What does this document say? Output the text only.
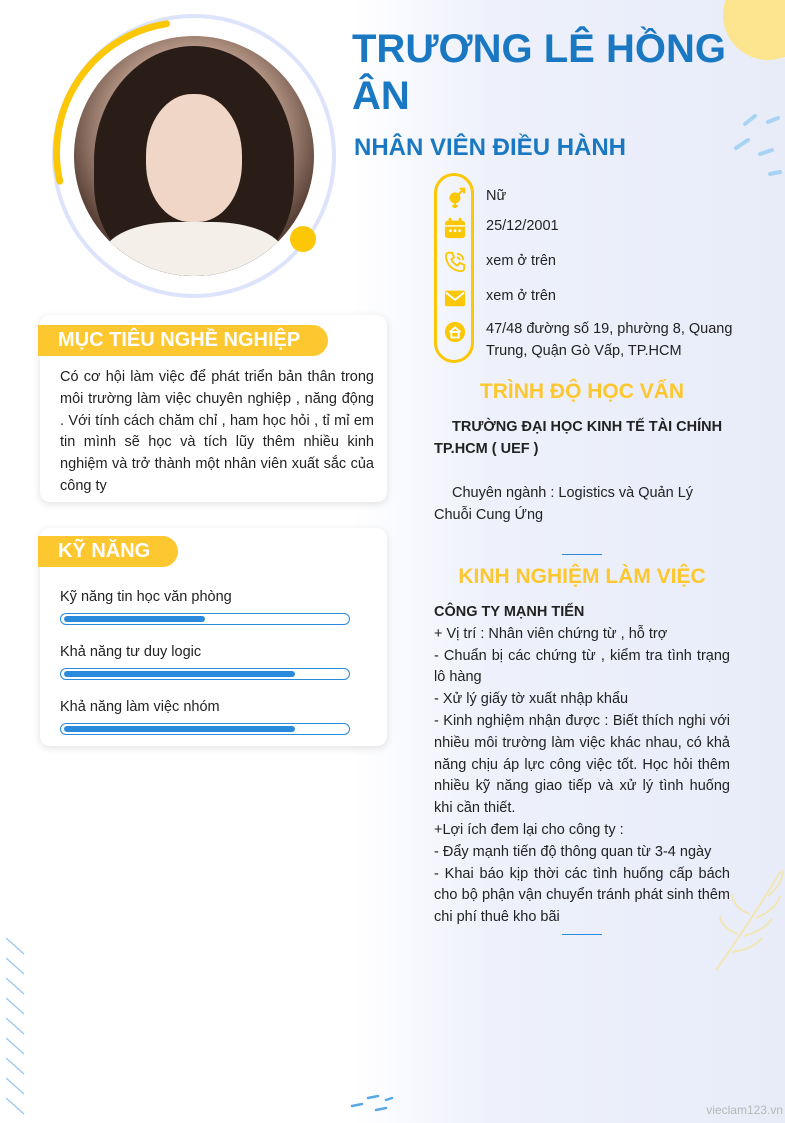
TRƯƠNG LÊ HỒNG ÂN
NHÂN VIÊN ĐIỀU HÀNH
Nữ
25/12/2001
xem ở trên
xem ở trên
47/48 đường số 19, phường 8, Quang Trung, Quận Gò Vấp, TP.HCM
MỤC TIÊU NGHỀ NGHIỆP

Có cơ hội làm việc để phát triển bản thân trong môi trường làm việc chuyên nghiệp , năng động . Với tính cách chăm chỉ , ham học hỏi , tỉ mỉ em tin mình sẽ học và tích lũy thêm nhiều kinh nghiệm và trở thành một nhân viên xuất sắc của công ty

KỸ NĂNG
Kỹ năng tin học văn phòng
Khả năng tư duy logic
Khả năng làm việc nhóm
TRÌNH ĐỘ HỌC VẤN

TRƯỜNG ĐẠI HỌC KINH TẾ TÀI CHÍNH TP.HCM ( UEF )

Chuyên ngành : Logistics và Quản Lý Chuỗi Cung Ứng

KINH NGHIỆM LÀM VIỆC
CÔNG TY MẠNH TIẾN
+ Vị trí : Nhân viên chứng từ , hỗ trợ
- Chuẩn bị các chứng từ , kiểm tra tình trạng lô hàng
- Xử lý giấy tờ xuất nhập khẩu
- Kinh nghiệm nhận được : Biết thích nghi với nhiều môi trường làm việc khác nhau, có khả năng chịu áp lực công việc tốt. Học hỏi thêm nhiều kỹ năng giao tiếp và xử lý tình huống khi cần thiết.
+Lợi ích đem lại cho công ty :
- Đẩy mạnh tiến độ thông quan từ 3-4 ngày
- Khai báo kịp thời các tình huống cấp bách cho bộ phận vận chuyển tránh phát sinh thêm chi phí thuê kho bãi
vieclam123.vn
